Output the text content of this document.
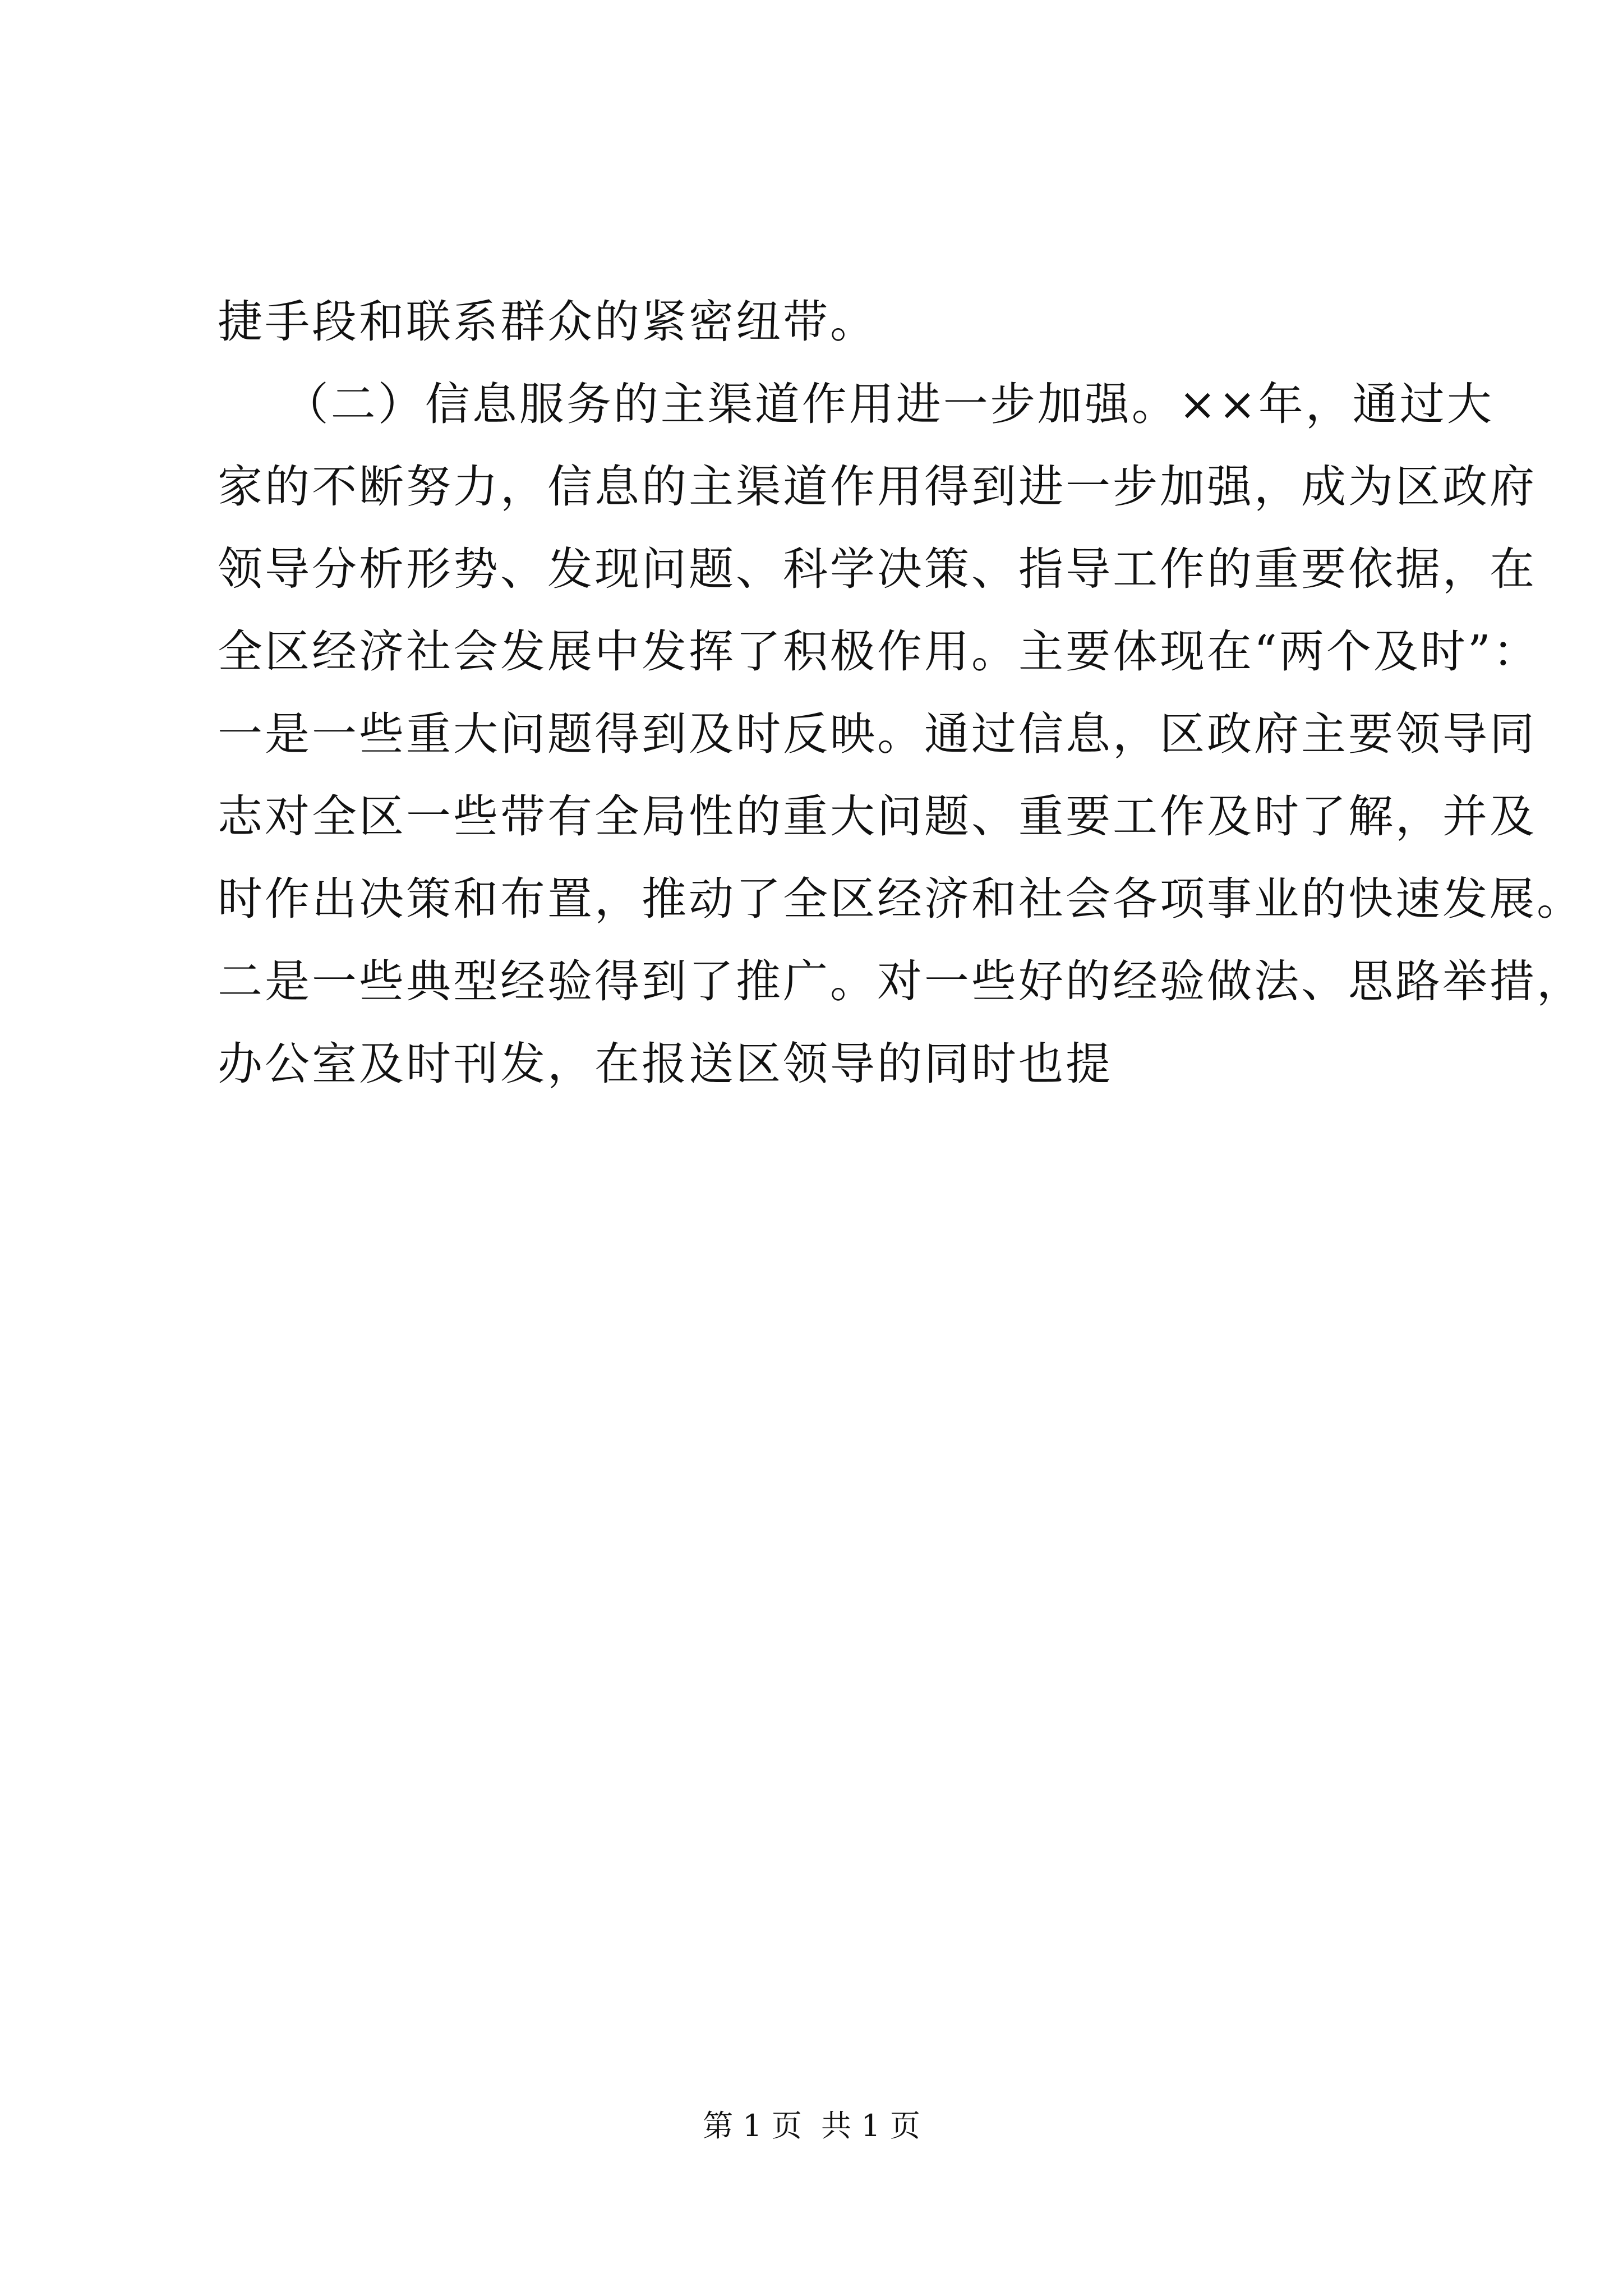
捷手段和联系群众的紧密纽带。
（二）信息服务的主渠道作用进一步加强。××年，通过大
家的不断努力，信息的主渠道作用得到进一步加强，成为区政府
领导分析形势、发现问题、科学决策、指导工作的重要依据，在
全区经济社会发展中发挥了积极作用。主要体现在“两个及时”：
一是一些重大问题得到及时反映。通过信息，区政府主要领导同
志对全区一些带有全局性的重大问题、重要工作及时了解，并及
时作出决策和布置，推动了全区经济和社会各项事业的快速发展。
二是一些典型经验得到了推广。对一些好的经验做法、思路举措，
办公室及时刊发，在报送区领导的同时也提
第 1 页  共 1 页
